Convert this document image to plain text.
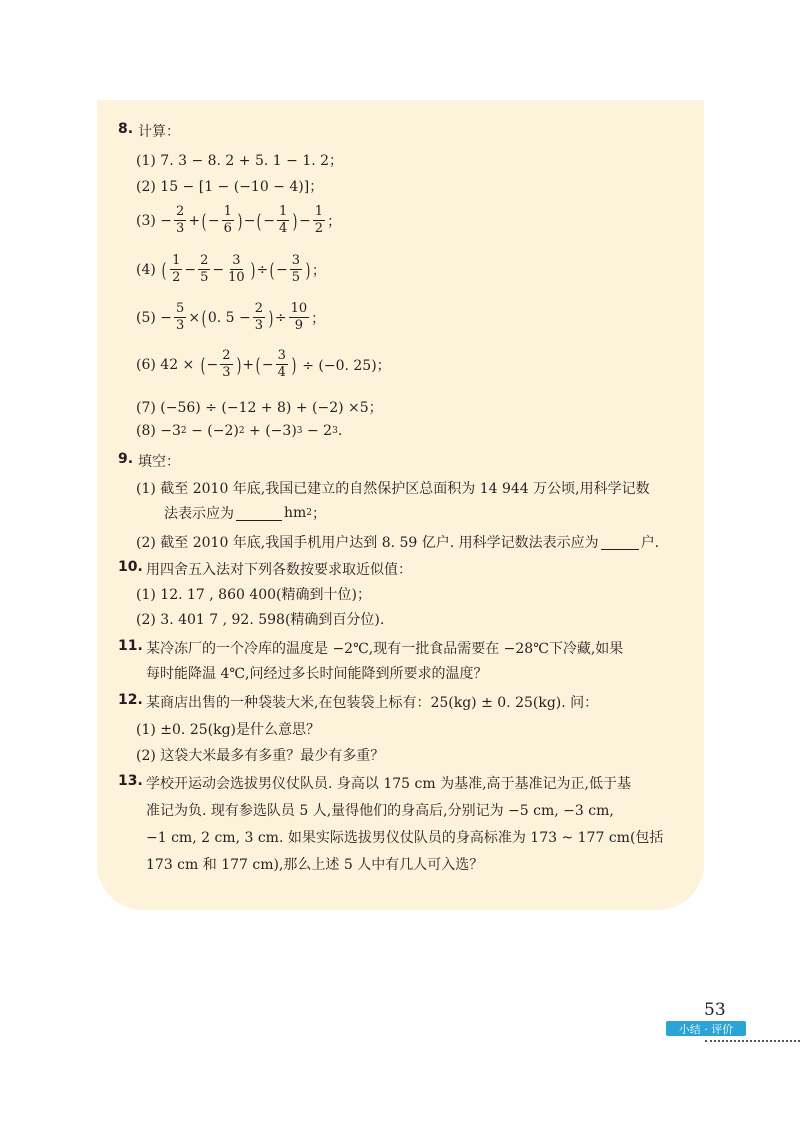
8. 计算：
(1) 7. 3 − 8. 2 + 5. 1 − 1. 2；
(2) 15 − [1 − (−10 − 4)]；
$(3) - \frac{2}{3}$ + ( − $\frac{1}{6}$ ) − ( − $\frac{1}{4}$ ) − $\frac{1}{2}$ ；
(4)
( $\frac{1}{2} - \frac{2}{5} - \frac{3}{10}$ ) ÷ ( − $\frac{3}{5}$ ) ；
$(5) - \frac{5}{3}$ × ( 0. $5 - \frac{2}{3}$ ) ÷ $\frac{10}{9}$ ；
(6) 42 ×
( − $\frac{2}{3}$ ) + ( − $\frac{3}{4}$ )
÷ (−0. 25)；
(7) (−56) ÷ (−12 + 8) + (−2) ×5；
(8) −3 2 − (−2) 2 + (−3) 3 − 2 3 .
9. 填空：
(1) 截至 2010 年底,我国已建立的自然保护区总面积为 14 944 万公顷,用科学记数
法表示应为	hm 2 ；
(2) 截至 2010 年底,我国手机用户达到 8. 59 亿户. 用科学记数法表示应为	户.
10. 用四舍五入法对下列各数按要求取近似值：
(1) 12. 17 , 860 400(精确到十位)；
(2) 3. 401 7 , 92. 598(精确到百分位).
11. 某冷冻厂的一个冷库的温度是 −2℃,现有一批食品需要在 −28℃下冷藏,如果
每时能降温 4℃,问经过多长时间能降到所要求的温度？
12. 某商店出售的一种袋装大米,在包装袋上标有：25(kg) ± 0. 25(kg). 问：
(1) ±0. 25(kg)是什么意思？
(2) 这袋大米最多有多重？最少有多重？
13. 学校开运动会选拔男仪仗队员. 身高以 175 cm 为基准,高于基准记为正,低于基
准记为负. 现有参选队员 5 人,量得他们的身高后,分别记为 −5 cm, −3 cm,
−1 cm, 2 cm, 3 cm. 如果实际选拔男仪仗队员的身高标准为 173 ~ 177 cm(包括
173 cm 和 177 cm),那么上述 5 人中有几人可入选？
53
小结 · 评价
